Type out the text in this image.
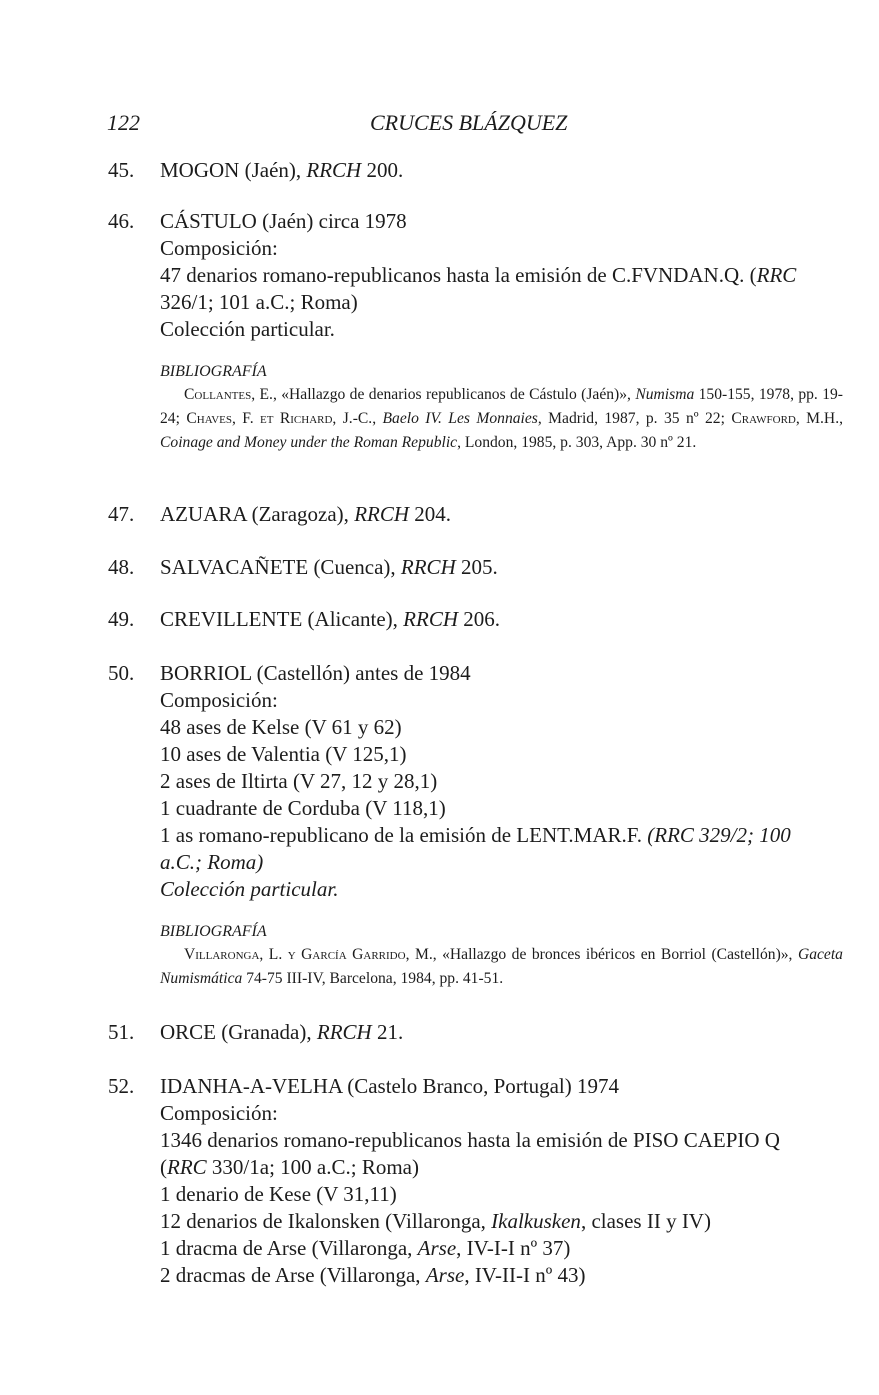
122	CRUCES BLÁZQUEZ
45. MOGON (Jaén), RRCH 200.
46. CÁSTULO (Jaén) circa 1978
Composición:
47 denarios romano-republicanos hasta la emisión de C.FVNDAN.Q. (RRC
326/1; 101 a.C.; Roma)
Colección particular.
BIBLIOGRAFÍA
Collantes, E., «Hallazgo de denarios republicanos de Cástulo (Jaén)», Numisma 150-155, 1978, pp. 19-24; Chaves, F. et Richard, J.-C., Baelo IV. Les Monnaies, Madrid, 1987, p. 35 nº 22; Crawford, M.H., Coinage and Money under the Roman Republic, London, 1985, p. 303, App. 30 nº 21.
47. AZUARA (Zaragoza), RRCH 204.
48. SALVACAÑETE (Cuenca), RRCH 205.
49. CREVILLENTE (Alicante), RRCH 206.
50. BORRIOL (Castellón) antes de 1984
Composición:
48 ases de Kelse (V 61 y 62)
10 ases de Valentia (V 125,1)
2 ases de Iltirta (V 27, 12 y 28,1)
1 cuadrante de Corduba (V 118,1)
1 as romano-republicano de la emisión de LENT.MAR.F. (RRC 329/2; 100
a.C.; Roma)
Colección particular.
BIBLIOGRAFÍA
Villaronga, L. y García Garrido, M., «Hallazgo de bronces ibéricos en Borriol (Castellón)», Gaceta Numismática 74-75 III-IV, Barcelona, 1984, pp. 41-51.
51. ORCE (Granada), RRCH 21.
52. IDANHA-A-VELHA (Castelo Branco, Portugal) 1974
Composición:
1346 denarios romano-republicanos hasta la emisión de PISO CAEPIO Q
(RRC 330/1a; 100 a.C.; Roma)
1 denario de Kese (V 31,11)
12 denarios de Ikalonsken (Villaronga, Ikalkusken, clases II y IV)
1 dracma de Arse (Villaronga, Arse, IV-I-I nº 37)
2 dracmas de Arse (Villaronga, Arse, IV-II-I nº 43)
